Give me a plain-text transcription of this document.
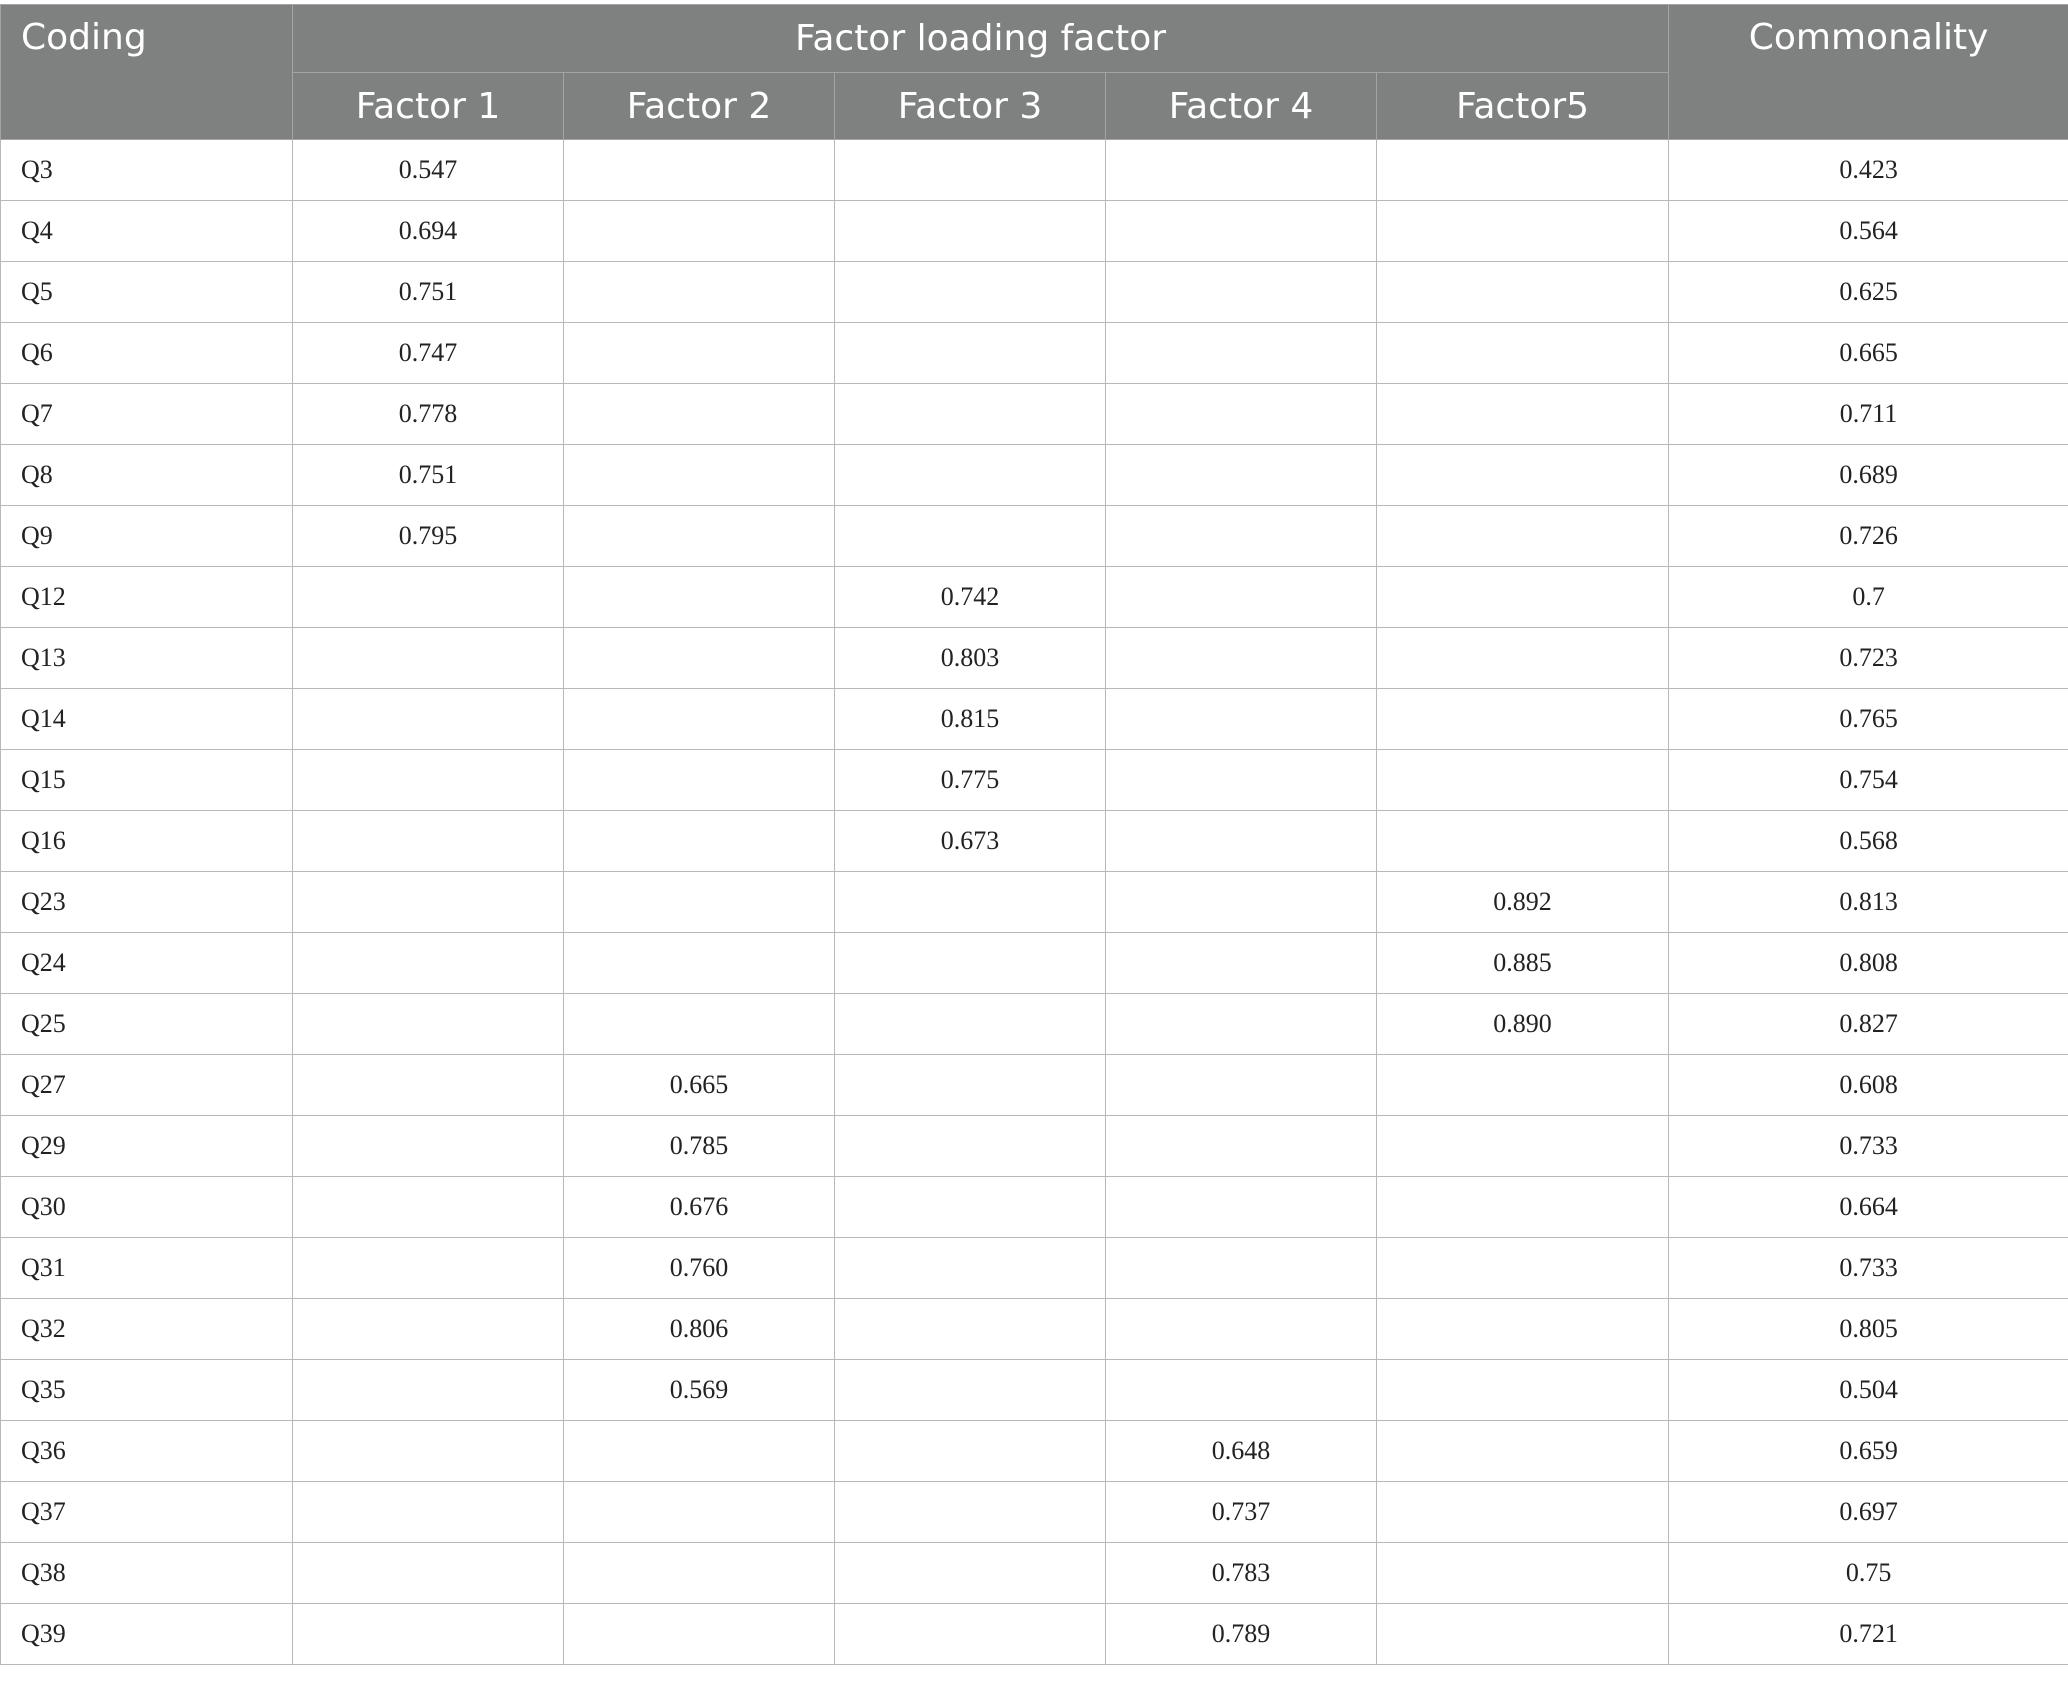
Coding	Factor loading factor					Commonality
	Factor 1	Factor 2	Factor 3	Factor 4	Factor5	
Q3	0.547					0.423
Q4	0.694					0.564
Q5	0.751					0.625
Q6	0.747					0.665
Q7	0.778					0.711
Q8	0.751					0.689
Q9	0.795					0.726
Q12			0.742			0.7
Q13			0.803			0.723
Q14			0.815			0.765
Q15			0.775			0.754
Q16			0.673			0.568
Q23					0.892	0.813
Q24					0.885	0.808
Q25					0.890	0.827
Q27		0.665				0.608
Q29		0.785				0.733
Q30		0.676				0.664
Q31		0.760				0.733
Q32		0.806				0.805
Q35		0.569				0.504
Q36				0.648		0.659
Q37				0.737		0.697
Q38				0.783		0.75
Q39				0.789		0.721
